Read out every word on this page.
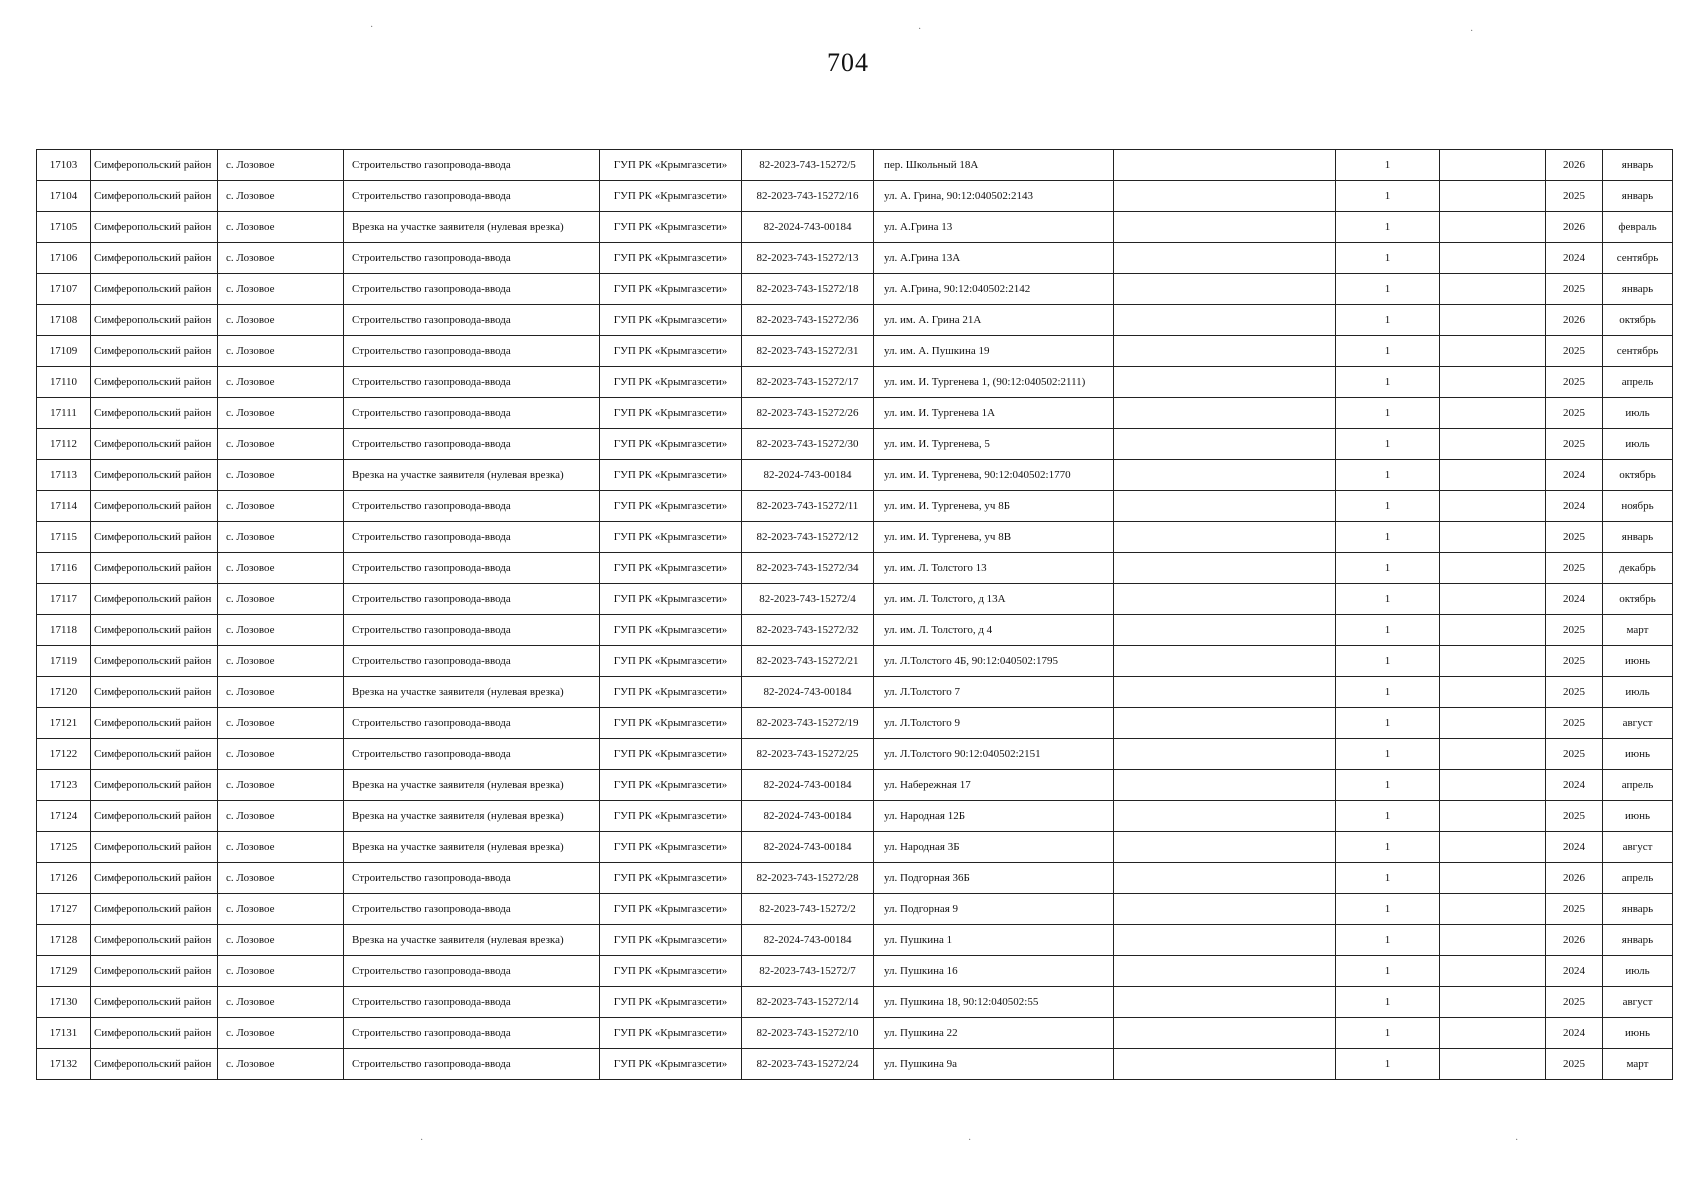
704
·	·	·
·	·	·
17103	Симферопольский район	с. Лозовое	Строительство газопровода-ввода	ГУП РК «Крымгазсети»	82-2023-743-15272/5	пер. Школьный 18А		1		2026	январь
17104	Симферопольский район	с. Лозовое	Строительство газопровода-ввода	ГУП РК «Крымгазсети»	82-2023-743-15272/16	ул. А. Грина, 90:12:040502:2143		1		2025	январь
17105	Симферопольский район	с. Лозовое	Врезка на участке заявителя (нулевая врезка)	ГУП РК «Крымгазсети»	82-2024-743-00184	ул. А.Грина 13		1		2026	февраль
17106	Симферопольский район	с. Лозовое	Строительство газопровода-ввода	ГУП РК «Крымгазсети»	82-2023-743-15272/13	ул. А.Грина 13А		1		2024	сентябрь
17107	Симферопольский район	с. Лозовое	Строительство газопровода-ввода	ГУП РК «Крымгазсети»	82-2023-743-15272/18	ул. А.Грина, 90:12:040502:2142		1		2025	январь
17108	Симферопольский район	с. Лозовое	Строительство газопровода-ввода	ГУП РК «Крымгазсети»	82-2023-743-15272/36	ул. им. А. Грина 21А		1		2026	октябрь
17109	Симферопольский район	с. Лозовое	Строительство газопровода-ввода	ГУП РК «Крымгазсети»	82-2023-743-15272/31	ул. им. А. Пушкина 19		1		2025	сентябрь
17110	Симферопольский район	с. Лозовое	Строительство газопровода-ввода	ГУП РК «Крымгазсети»	82-2023-743-15272/17	ул. им. И. Тургенева 1, (90:12:040502:2111)		1		2025	апрель
17111	Симферопольский район	с. Лозовое	Строительство газопровода-ввода	ГУП РК «Крымгазсети»	82-2023-743-15272/26	ул. им. И. Тургенева 1А		1		2025	июль
17112	Симферопольский район	с. Лозовое	Строительство газопровода-ввода	ГУП РК «Крымгазсети»	82-2023-743-15272/30	ул. им. И. Тургенева, 5		1		2025	июль
17113	Симферопольский район	с. Лозовое	Врезка на участке заявителя (нулевая врезка)	ГУП РК «Крымгазсети»	82-2024-743-00184	ул. им. И. Тургенева, 90:12:040502:1770		1		2024	октябрь
17114	Симферопольский район	с. Лозовое	Строительство газопровода-ввода	ГУП РК «Крымгазсети»	82-2023-743-15272/11	ул. им. И. Тургенева, уч 8Б		1		2024	ноябрь
17115	Симферопольский район	с. Лозовое	Строительство газопровода-ввода	ГУП РК «Крымгазсети»	82-2023-743-15272/12	ул. им. И. Тургенева, уч 8В		1		2025	январь
17116	Симферопольский район	с. Лозовое	Строительство газопровода-ввода	ГУП РК «Крымгазсети»	82-2023-743-15272/34	ул. им. Л. Толстого 13		1		2025	декабрь
17117	Симферопольский район	с. Лозовое	Строительство газопровода-ввода	ГУП РК «Крымгазсети»	82-2023-743-15272/4	ул. им. Л. Толстого, д 13А		1		2024	октябрь
17118	Симферопольский район	с. Лозовое	Строительство газопровода-ввода	ГУП РК «Крымгазсети»	82-2023-743-15272/32	ул. им. Л. Толстого, д 4		1		2025	март
17119	Симферопольский район	с. Лозовое	Строительство газопровода-ввода	ГУП РК «Крымгазсети»	82-2023-743-15272/21	ул. Л.Толстого 4Б, 90:12:040502:1795		1		2025	июнь
17120	Симферопольский район	с. Лозовое	Врезка на участке заявителя (нулевая врезка)	ГУП РК «Крымгазсети»	82-2024-743-00184	ул. Л.Толстого 7		1		2025	июль
17121	Симферопольский район	с. Лозовое	Строительство газопровода-ввода	ГУП РК «Крымгазсети»	82-2023-743-15272/19	ул. Л.Толстого 9		1		2025	август
17122	Симферопольский район	с. Лозовое	Строительство газопровода-ввода	ГУП РК «Крымгазсети»	82-2023-743-15272/25	ул. Л.Толстого 90:12:040502:2151		1		2025	июнь
17123	Симферопольский район	с. Лозовое	Врезка на участке заявителя (нулевая врезка)	ГУП РК «Крымгазсети»	82-2024-743-00184	ул. Набережная 17		1		2024	апрель
17124	Симферопольский район	с. Лозовое	Врезка на участке заявителя (нулевая врезка)	ГУП РК «Крымгазсети»	82-2024-743-00184	ул. Народная 12Б		1		2025	июнь
17125	Симферопольский район	с. Лозовое	Врезка на участке заявителя (нулевая врезка)	ГУП РК «Крымгазсети»	82-2024-743-00184	ул. Народная 3Б		1		2024	август
17126	Симферопольский район	с. Лозовое	Строительство газопровода-ввода	ГУП РК «Крымгазсети»	82-2023-743-15272/28	ул. Подгорная 36Б		1		2026	апрель
17127	Симферопольский район	с. Лозовое	Строительство газопровода-ввода	ГУП РК «Крымгазсети»	82-2023-743-15272/2	ул. Подгорная 9		1		2025	январь
17128	Симферопольский район	с. Лозовое	Врезка на участке заявителя (нулевая врезка)	ГУП РК «Крымгазсети»	82-2024-743-00184	ул. Пушкина 1		1		2026	январь
17129	Симферопольский район	с. Лозовое	Строительство газопровода-ввода	ГУП РК «Крымгазсети»	82-2023-743-15272/7	ул. Пушкина 16		1		2024	июль
17130	Симферопольский район	с. Лозовое	Строительство газопровода-ввода	ГУП РК «Крымгазсети»	82-2023-743-15272/14	ул. Пушкина 18, 90:12:040502:55		1		2025	август
17131	Симферопольский район	с. Лозовое	Строительство газопровода-ввода	ГУП РК «Крымгазсети»	82-2023-743-15272/10	ул. Пушкина 22		1		2024	июнь
17132	Симферопольский район	с. Лозовое	Строительство газопровода-ввода	ГУП РК «Крымгазсети»	82-2023-743-15272/24	ул. Пушкина 9а		1		2025	март
